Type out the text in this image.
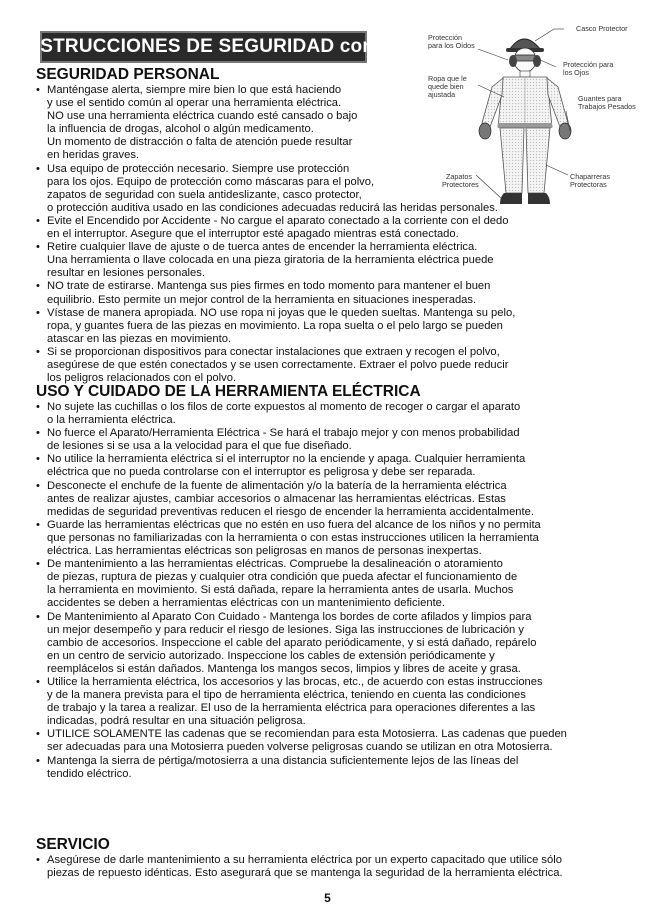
INSTRUCCIONES DE SEGURIDAD cont.
Casco Protector
Protección
para los Oídos
Protección para
los Ojos
Ropa que le
quede bien
ajustada	Guantes para
Trabajos Pesados
Zapatos
Protectores
Chaparreras
Protectoras
SEGURIDAD PERSONAL

• Manténgase alerta, siempre mire bien lo que está haciendo

y use el sentido común al operar una herramienta eléctrica.

NO use una herramienta eléctrica cuando esté cansado o bajo

la influencia de drogas, alcohol o algún medicamento.

Un momento de distracción o falta de atención puede resultar

en heridas graves.

• Usa equipo de protección necesario. Siempre use protección

para los ojos. Equipo de protección como máscaras para el polvo,

zapatos de seguridad con suela antideslizante, casco protector,

o protección auditiva usado en las condiciones adecuadas reducirá las heridas personales.

• Evite el Encendido por Accidente - No cargue el aparato conectado a la corriente con el dedo

en el interruptor. Asegure que el interruptor esté apagado mientras está conectado.

• Retire cualquier llave de ajuste o de tuerca antes de encender la herramienta eléctrica.

Una herramienta o llave colocada en una pieza giratoria de la herramienta eléctrica puede

resultar en lesiones personales.

• NO trate de estirarse. Mantenga sus pies firmes en todo momento para mantener el buen

equilibrio. Esto permite un mejor control de la herramienta en situaciones inesperadas.

• Vístase de manera apropiada. NO use ropa ni joyas que le queden sueltas. Mantenga su pelo,

ropa, y guantes fuera de las piezas en movimiento. La ropa suelta o el pelo largo se pueden

atascar en las piezas en movimiento.

• Si se proporcionan dispositivos para conectar instalaciones que extraen y recogen el polvo,

asegúrese de que estén conectados y se usen correctamente. Extraer el polvo puede reducir

los peligros relacionados con el polvo.

USO Y CUIDADO DE LA HERRAMIENTA ELÉCTRICA

• No sujete las cuchillas o los filos de corte expuestos al momento de recoger o cargar el aparato

o la herramienta eléctrica.

• No fuerce el Aparato/Herramienta Eléctrica - Se hará el trabajo mejor y con menos probabilidad

de lesiones si se usa a la velocidad para el que fue diseñado.

• No utilice la herramienta eléctrica si el interruptor no la enciende y apaga. Cualquier herramienta

eléctrica que no pueda controlarse con el interruptor es peligrosa y debe ser reparada.

• Desconecte el enchufe de la fuente de alimentación y/o la batería de la herramienta eléctrica

antes de realizar ajustes, cambiar accesorios o almacenar las herramientas eléctricas. Estas

medidas de seguridad preventivas reducen el riesgo de encender la herramienta accidentalmente.

• Guarde las herramientas eléctricas que no estén en uso fuera del alcance de los niños y no permita

que personas no familiarizadas con la herramienta o con estas instrucciones utilicen la herramienta

eléctrica. Las herramientas eléctricas son peligrosas en manos de personas inexpertas.

• De mantenimiento a las herramientas eléctricas. Compruebe la desalineación o atoramiento

de piezas, ruptura de piezas y cualquier otra condición que pueda afectar el funcionamiento de

la herramienta en movimiento. Si está dañada, repare la herramienta antes de usarla. Muchos

accidentes se deben a herramientas eléctricas con un mantenimiento deficiente.

• De Mantenimiento al Aparato Con Cuidado - Mantenga los bordes de corte afilados y limpios para

un mejor desempeño y para reducir el riesgo de lesiones. Siga las instrucciones de lubricación y

cambio de accesorios. Inspeccione el cable del aparato periódicamente, y si está dañado, repárelo

en un centro de servicio autorizado. Inspeccione los cables de extensión periódicamente y

reemplácelos si están dañados. Mantenga los mangos secos, limpios y libres de aceite y grasa.

• Utilice la herramienta eléctrica, los accesorios y las brocas, etc., de acuerdo con estas instrucciones

y de la manera prevista para el tipo de herramienta eléctrica, teniendo en cuenta las condiciones

de trabajo y la tarea a realizar. El uso de la herramienta eléctrica para operaciones diferentes a las

indicadas, podrá resultar en una situación peligrosa.

• UTILICE SOLAMENTE las cadenas que se recomiendan para esta Motosierra. Las cadenas que pueden

ser adecuadas para una Motosierra pueden volverse peligrosas cuando se utilizan en otra Motosierra.

• Mantenga la sierra de pértiga/motosierra a una distancia suficientemente lejos de las líneas del

tendido eléctrico.

SERVICIO

• Asegúrese de darle mantenimiento a su herramienta eléctrica por un experto capacitado que utilice sólo

piezas de repuesto idénticas. Esto asegurará que se mantenga la seguridad de la herramienta eléctrica.

5
